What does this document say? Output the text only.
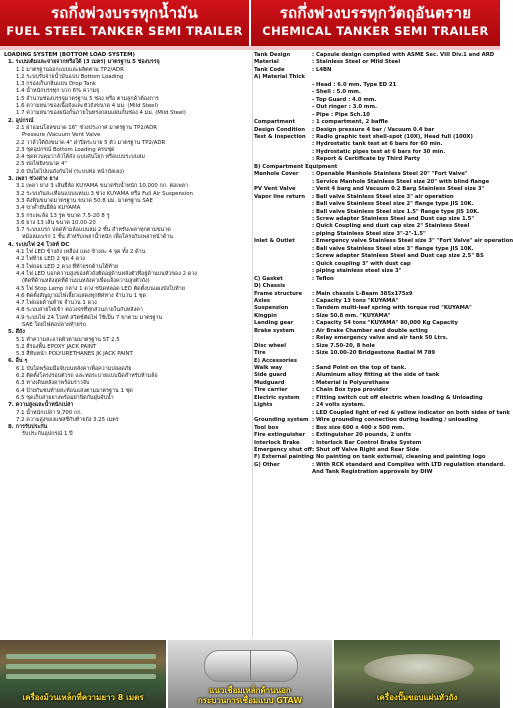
รถกึ่งพ่วงบรรทุกน้ำมัน
FUEL STEEL TANKER SEMI TRAILER
รถกึ่งพ่วงบรรทุกวัตถุอันตราย
CHEMICAL TANKER SEMI TRAILER
LOADING SYSTEM (BOTTOM LOAD SYSTEM)
1. ระบบเติมและจ่ายจากหรือใต้ (3 เมตร) มาตรฐาน 5 ช่องบรรจุ
1.1 มาตรฐานออกแบบและผลิตตาม TP2/ADR
1.2 ระบบรับจ่ายน้ำมันแบบ Bottom Loading
1.3 กรองเก็บกลิ่นแบบ Drop Tank
1.4 น้ำหนักบรรทุก บวก 6% ความจุ
1.5 จำนวนช่องบรรจุมาตรฐาน 5 ช่อง หรือ ตามลูกค้าต้องการ
1.6 ความหนาของเนื้อถังและหัวถังขนาด 4 มม. (Mild Steel)
1.7 ความหนาของผนังกั้นภายในทรงกลมแผ่นกั้นช่อง 4 มม. (Mild Steel)
2. อุปกรณ์
2.1 ฝาแมนโฮลขนาด 16" ช่วงประกาศ มาตรฐาน TP2/ADR
Pressure /Vacuum Vent Valve
2.2 วาล์วใต้ถังขนาด 4" ฝาปิดระบาย 5 ตัว มาตรฐาน TP2/ADR
2.3 ชุดอุปกรณ์ Bottom Loading ครบชุด
2.4 ชุดควบคุมวาล์วใต้ถัง แบบคันโยก หรือแบบระบบลม
2.5 ท่อไฟยิงขนาด 4"
2.6 บันไดไปบนถังกันไฟ (ระบบท่อ หน้าบัลเลง)
3. เพลา ช่วงล่าง ยาง
3.1 เพลา ยาง 3 เส้นยี่ห้อ KUYAMA ขนาดรับน้ำหนัก 10,000 กก. ต่อเพลา
3.2 ระบบกันสะเทือนแบบแหนบ 3 ช่วง KUYAMA หรือ Full Air Suspension
3.3 คิงพินขนาดมาตรฐาน ขนาด 50.8 มม. มาตรฐาน SAE
3.4 ขาค้ำยันยี่ห้อ KUYAMA
3.5 กระทะล้อ 13 รูต ขนาด 7.5-20 8 รู
3.6 ยาง 13 เส้น ขนาด 10.00-20
3.7 ระบบเบรก ปลดห้ามล้อแบบลม 2 ชั้น สำหรับเพลาทุกตามขนาด
หม้อลมเบรก 1 ชั้น สำหรับเพลาน้ำหนัก เพื่อโครงกับเพลาหน้าด้าน
4. ระบบไฟ 24 โวลท์ DC
4.1 ไฟ LED ข้างถัง เหลือง แดง ข้างละ 4 จุด ทั้ง 2 ด้าน
4.2 ไฟท้าย LED 2 ชุด 4 ดวง
4.3 ไฟถอย LED 2 ดวง ที่ท้ายรถด้านใต้ท้าย
4.4 ไฟ LED บอกความสูงของตัวถังติดอยู่ด้านหลังตัวที่อยู่ด้านบนหัวของ 2 ดวง
(ติดที่ด้านหลังสุดที่ด้านบนหลังคาเพื่อแจ้งความสูงตัวถัง)
4.5 ไฟ Stop Lamp กลาง 1 ดวง ชนิดหลอด LED ติดตั้งบนแผงบังใบท้าย
4.6 ติดตั้งสัญญาณไฟเลี้ยวแสดงทุกทิศทาง จำนวน 1 ชุด
4.7 ไฟถอยด้านท้าย จำนวน 1 ดวง
4.8 ระบบสายไฟเข้า ต่อวงจรที่ทุกส่วนภายในกับหลังคา
4.9 ระบบไฟ 24 โวลท์ สวิตช์ตัดไฟ ใช้เป็น 7 ขาตาม มาตรฐาน
SAE โดยไฟต่อปลายท้ายรถ
5. สีถัง
5.1 ทำความสะอาดผิวตามมาตรฐาน ST 2.5
5.2 สีรองพื้น EPOXY JACK PAINT
5.3 สีทับหน้า POLYURETHANES JK JACK PAINT
6. อื่น ๆ
6.1 บันไดพร้อมมือจับบนหลังคาเพื่อความปลอดภัย
6.2 ติดตั้งโครงรอบตัวรถ และท่อระบายแบบฉีดสำหรับห้ามล้อ
6.3 ทางเดินหลังคาพร้อมราวจับ
6.4 ป้ายกันชนท้ายสะท้อนแสงตามมาตรฐาน 1 ชุด
6.5 ชุดเก็บสายยางพร้อมฝาปิดกันฝุ่นจับน้ำ
7. ความสูงและน้ำหนักเปล่า
7.1 น้ำหนักเปล่า 9,700 กก.
7.2 ความสูงของแชสซีกับท้ายถัง 3.25 เมตร
8. การรับประกัน
รับประกันอุปกรณ์ 1 ปี
Tank Design	: Capsule design complied with ASME Sec. VIII Div.1 and ARD
Material	: Stainless Steel or Mild Steel
Tank Code	: L4BN
A) Material Thick	
	- Head : 6.0 mm. Type ED 21
	- Shell : 5.0 mm.
	- Top Guard : 4.0 mm.
	- Out ringer : 3.0 mm.
	- Pipe : Pipe Sch.10
Compartment	: 1 compartment, 2 baffle
Design Condition	: Design pressure 4 bar / Vacuum 0.4 bar
Test & Inspection	: Radio graphic test shell-spot (10X), Head full (100X)
	: Hydrostatic tank test at 6 bars for 60 min.
	: Hydrostatic pipes test at 6 bars for 30 min.
	: Report & Certificate by Third Party
B) Compartment Equipment	
Manhole Cover	: Openable Manhole Stainless Steel 20" "Fort Valve"
	: Service Manhole Stainless Steel size 20" with blind flange
PV Vent Valve	: Vent 4 barg and Vacuum 0.2 Barg Stainless Steel size 3"
Vapor line return	: Ball valve Stainless Steel size 3" air operation
	: Ball valve Stainless Steel size 2" flange type JIS 10K.
	: Ball valve Stainless Steel size 1.5" flange type JIS 10K.
	: Screw adapter Stainless Steel and Dust cap size 1.5"
	: Quick Coupling and dust cap size 2" Stainless Steel
	: piping Stainless Steel size 3"-2"-1.5"
Inlet & Outlet	: Emergency valve Stainless Steel size 3" "Fort Valve" air operation
	: Ball valve Stainless Steel size 3" flange type JIS 10K.
	: Screw adapter Stainless Steel and Dust cap size 2.5" BS
	: Quick coupling 3" with dust cap
	: piping stainless steel size 3"
C) Gasket	: Teflon
D) Chassis	
Frame structure	: Main chassis L-Beam 385x175x9
Axles	: Capacity 13 tons "KUYAMA"
Suspension	: Tandem multi-leaf spring with torque rod "KUYAMA"
Kingpin	: Size 50.8 mm. "KUYAMA"
Landing gear	: Capacity 54 tons "KUYAMA" 80,000 Kg Capacity
Brake system	: Air Brake Chamber and double acting
	: Relay emergency valve and air tank 50 Ltrs.
Disc wheel	: Size 7.50-20, 8 hole
Tire	: Size 10.00-20 Bridgestone Radial M 789
E) Accessories	
Walk way	: Sand Point on the top of tank.
Side guard	: Aluminum alloy fitting at the side of tank
Mudguard	: Material is Polyurethane
Tire carrier	: Chain Box type provider
Electric system	: Fitting switch cut off electric when loading & Unloading
Lights	: 24 volts system.
	: LED Coupled light of red & yellow indicator on both sides of tank
Grounding system	: Wire grounding connection during loading / unloading
Tool box	: Box size 600 x 400 x 500 mm.
Fire extinguisher	: Extinguisher 20 pounds, 2 units
Interlock Brake	: Interlock Bar Control Brake System
Emergency shut off	: Shut off Valve Right and Rear Side
F) External painting	: No painting on tank external, cleaning and painting logo
G) Other	: With RCK standard and Complies with LTD regulation standard.
	And Tank Registration approvals by DIW
เครื่องม้วนเหล็กที่ความยาว 8 เมตร
แนวเชื่อมเหล็กด้านนอก
กระบวนการเชื่อมแบบ GTAW	เครื่องปั๊มขอบแผ่นหัวถัง
